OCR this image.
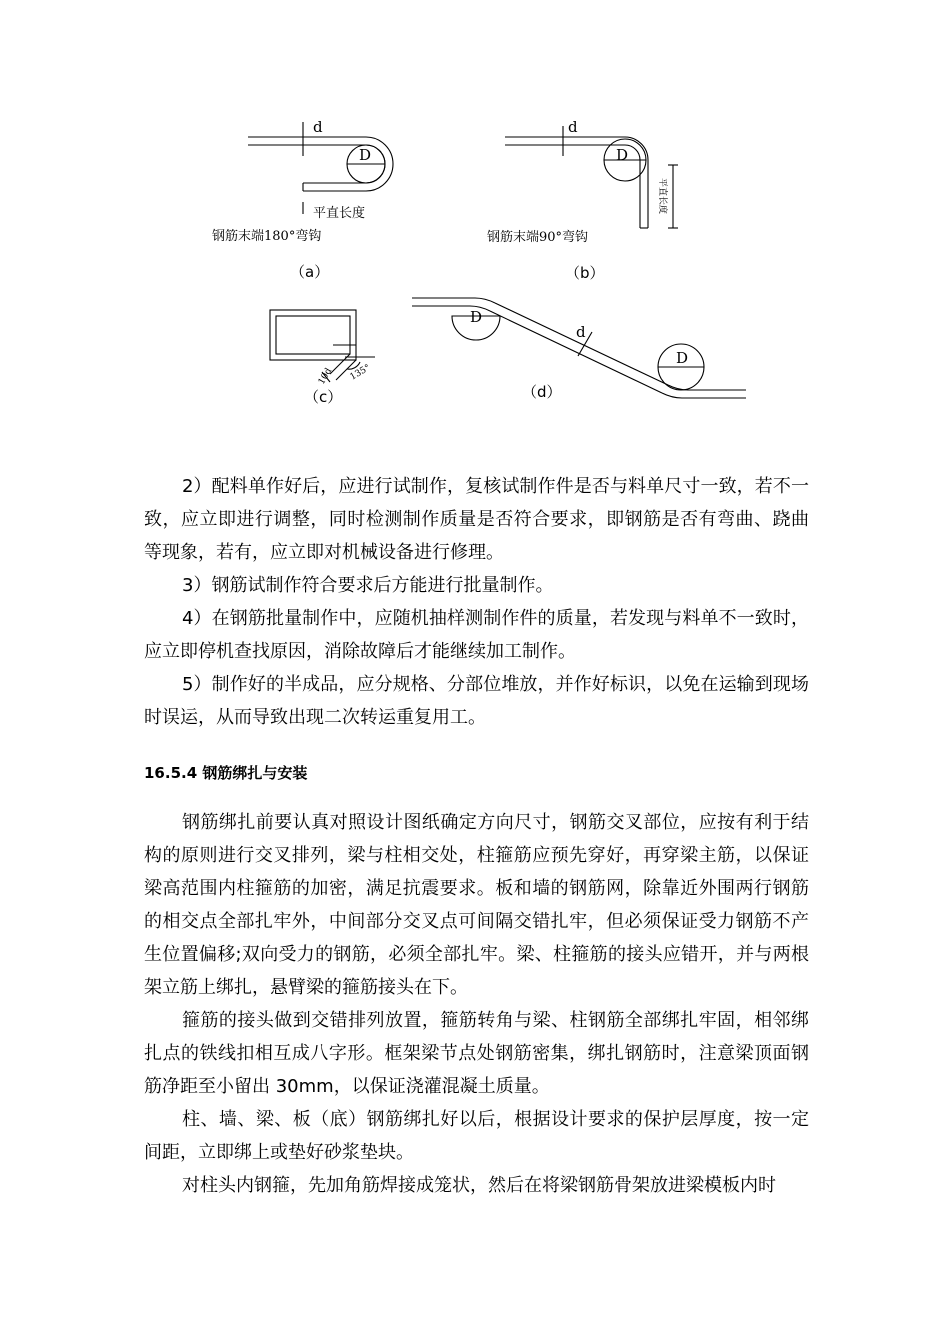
d
D
平直长度
钢筋末端180°弯钩
d
D
平直长度
钢筋末端90°弯钩
135°
10d
d
D
D
（a）	（b）
（c）	（d）

2）配料单作好后，应进行试制作，复核试制作件是否与料单尺寸一致，若不一致，应立即进行调整，同时检测制作质量是否符合要求，即钢筋是否有弯曲、跷曲等现象，若有，应立即对机械设备进行修理。

3）钢筋试制作符合要求后方能进行批量制作。

4）在钢筋批量制作中，应随机抽样测制作件的质量，若发现与料单不一致时，应立即停机查找原因，消除故障后才能继续加工制作。

5）制作好的半成品，应分规格、分部位堆放，并作好标识，以免在运输到现场时误运，从而导致出现二次转运重复用工。

16.5.4 钢筋绑扎与安装

钢筋绑扎前要认真对照设计图纸确定方向尺寸，钢筋交叉部位，应按有利于结构的原则进行交叉排列，梁与柱相交处，柱箍筋应预先穿好，再穿梁主筋，以保证梁高范围内柱箍筋的加密，满足抗震要求。板和墙的钢筋网，除靠近外围两行钢筋的相交点全部扎牢外，中间部分交叉点可间隔交错扎牢，但必须保证受力钢筋不产生位置偏移;双向受力的钢筋，必须全部扎牢。梁、柱箍筋的接头应错开，并与两根架立筋上绑扎，悬臂梁的箍筋接头在下。

箍筋的接头做到交错排列放置，箍筋转角与梁、柱钢筋全部绑扎牢固，相邻绑扎点的铁线扣相互成八字形。框架梁节点处钢筋密集，绑扎钢筋时，注意梁顶面钢筋净距至小留出 30mm，以保证浇灌混凝土质量。

柱、墙、梁、板（底）钢筋绑扎好以后，根据设计要求的保护层厚度，按一定间距，立即绑上或垫好砂浆垫块。

对柱头内钢箍，先加角筋焊接成笼状，然后在将梁钢筋骨架放进梁模板内时
